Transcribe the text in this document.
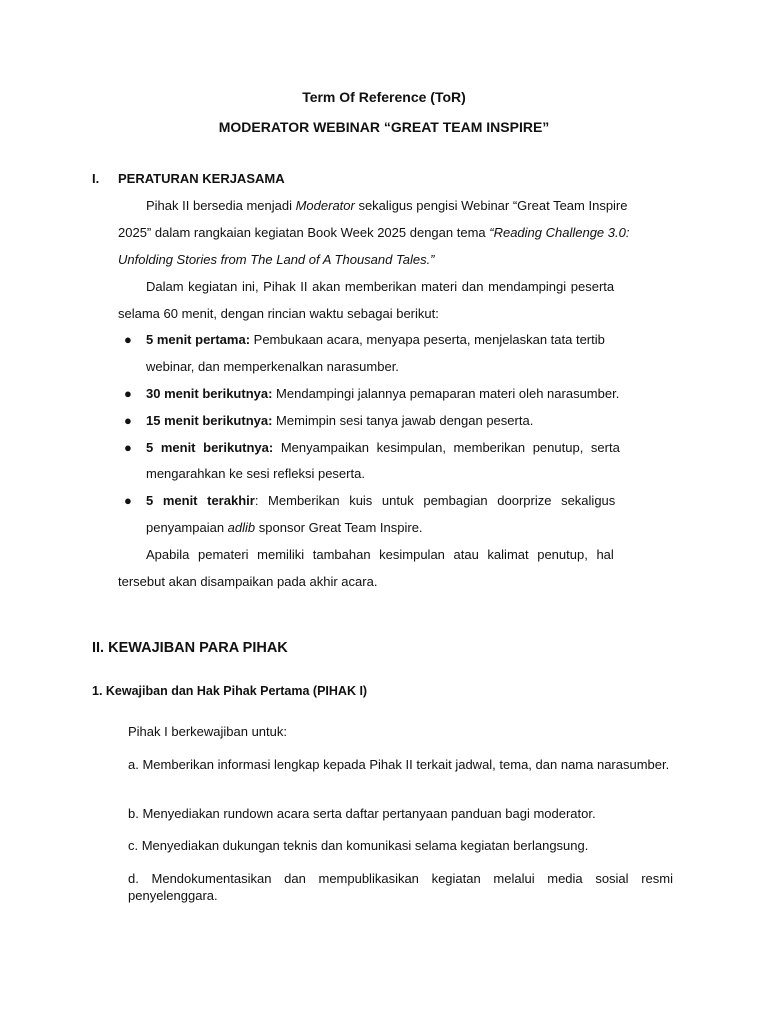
Term Of Reference (ToR)
MODERATOR WEBINAR “GREAT TEAM INSPIRE”
I. PERATURAN KERJASAMA
Pihak II bersedia menjadi Moderator sekaligus pengisi Webinar “Great Team Inspire
2025” dalam rangkaian kegiatan Book Week 2025 dengan tema “Reading Challenge 3.0:
Unfolding Stories from The Land of A Thousand Tales.”
Dalam kegiatan ini, Pihak II akan memberikan materi dan mendampingi peserta
selama 60 menit, dengan rincian waktu sebagai berikut:
● 5 menit pertama: Pembukaan acara, menyapa peserta, menjelaskan tata tertib
webinar, dan memperkenalkan narasumber.
● 30 menit berikutnya: Mendampingi jalannya pemaparan materi oleh narasumber.
● 15 menit berikutnya: Memimpin sesi tanya jawab dengan peserta.
● 5 menit berikutnya: Menyampaikan kesimpulan, memberikan penutup, serta
mengarahkan ke sesi refleksi peserta.
● 5 menit terakhir: Memberikan kuis untuk pembagian doorprize sekaligus
penyampaian adlib sponsor Great Team Inspire.
Apabila pemateri memiliki tambahan kesimpulan atau kalimat penutup, hal
tersebut akan disampaikan pada akhir acara.
II. KEWAJIBAN PARA PIHAK
1. Kewajiban dan Hak Pihak Pertama (PIHAK I)
Pihak I berkewajiban untuk:
a. Memberikan informasi lengkap kepada Pihak II terkait jadwal, tema, dan nama narasumber.
b. Menyediakan rundown acara serta daftar pertanyaan panduan bagi moderator.
c. Menyediakan dukungan teknis dan komunikasi selama kegiatan berlangsung.
d. Mendokumentasikan dan mempublikasikan kegiatan melalui media sosial resmi penyelenggara.
